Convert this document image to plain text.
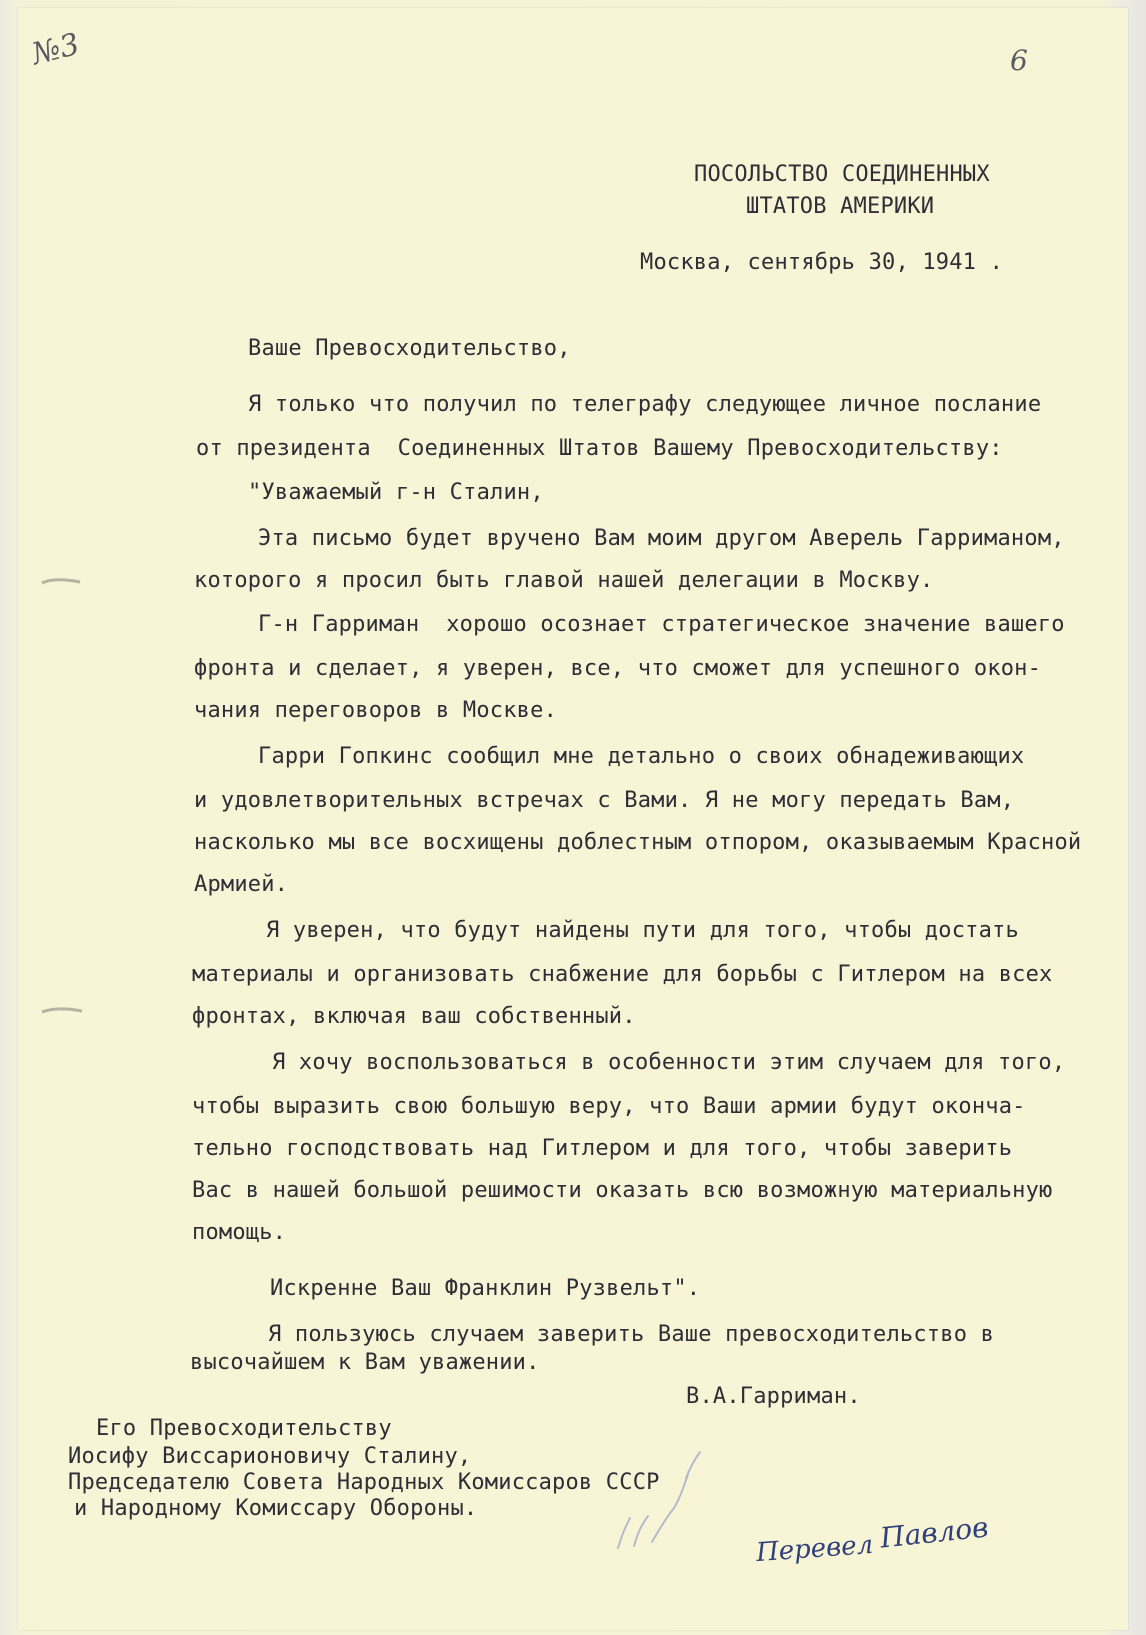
№3	6
ПОСОЛЬСТВО СОЕДИНЕННЫХ
ШТАТОВ АМЕРИКИ
Москва, сентябрь 30, 1941 .
Ваше Превосходительство,
Я только что получил по телеграфу следующее личное послание
от президента  Соединенных Штатов Вашему Превосходительству:
"Уважаемый г-н Сталин,
Эта письмо будет вручено Вам моим другом Аверель Гарриманом,
которого я просил быть главой нашей делегации в Москву.
Г-н Гарриман  хорошо осознает стратегическое значение вашего
фронта и сделает, я уверен, все, что сможет для успешного окон-
чания переговоров в Москве.
Гарри Гопкинс сообщил мне детально о своих обнадеживающих
и удовлетворительных встречах с Вами. Я не могу передать Вам,
насколько мы все восхищены доблестным отпором, оказываемым Красной
Армией.
Я уверен, что будут найдены пути для того, чтобы достать
материалы и организовать снабжение для борьбы с Гитлером на всех
фронтах, включая ваш собственный.
Я хочу воспользоваться в особенности этим случаем для того,
чтобы выразить свою большую веру, что Ваши армии будут оконча-
тельно господствовать над Гитлером и для того, чтобы заверить
Вас в нашей большой решимости оказать всю возможную материальную
помощь.
Искренне Ваш Франклин Рузвельт".
Я пользуюсь случаем заверить Ваше превосходительство в
высочайшем к Вам уважении.
В.А.Гарриман.
Его Превосходительству
Иосифу Виссарионовичу Сталину,
Председателю Совета Народных Комиссаров СССР
и Народному Комиссару Обороны.
Перевел Павлов
